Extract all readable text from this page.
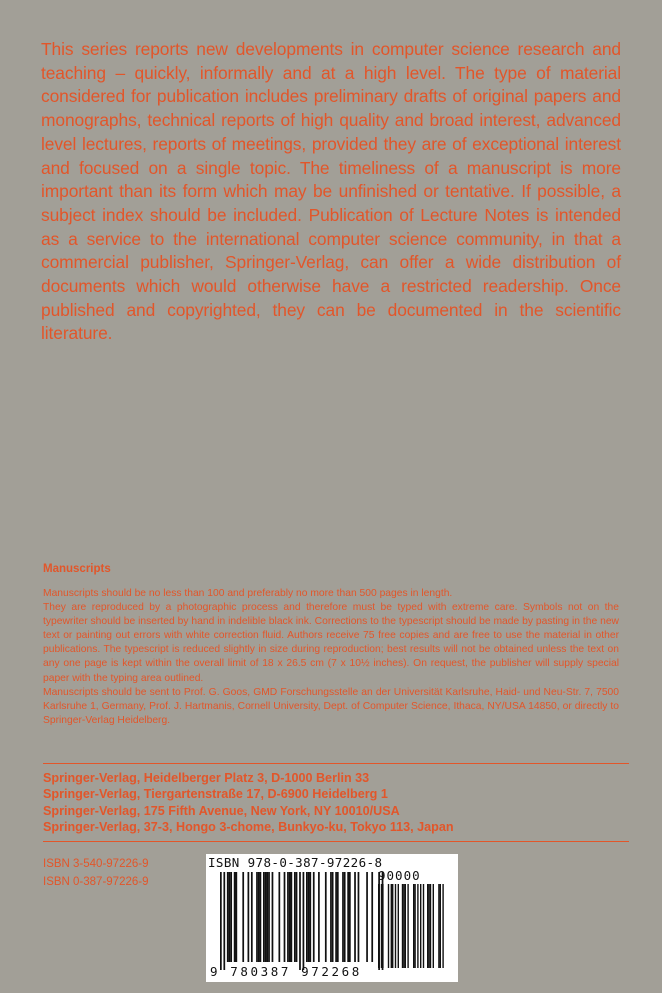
This series reports new developments in computer science research and teaching – quickly, informally and at a high level. The type of material considered for publication includes preliminary drafts of original papers and monographs, technical reports of high quality and broad interest, advanced level lectures, reports of meetings, provided they are of exceptional interest and focused on a single topic. The timeliness of a manuscript is more important than its form which may be unfinished or tentative. If possible, a subject index should be included. Publication of Lecture Notes is intended as a service to the international computer science community, in that a commercial publisher, Springer-Verlag, can offer a wide distribution of documents which would otherwise have a restricted readership. Once published and copyrighted, they can be documented in the scientific literature.

Manuscripts

Manuscripts should be no less than 100 and preferably no more than 500 pages in length.

They are reproduced by a photographic process and therefore must be typed with extreme care. Symbols not on the typewriter should be inserted by hand in indelible black ink. Corrections to the typescript should be made by pasting in the new text or painting out errors with white correction fluid. Authors receive 75 free copies and are free to use the material in other publications. The typescript is reduced slightly in size during reproduction; best results will not be obtained unless the text on any one page is kept within the overall limit of 18 x 26.5 cm (7 x 10½ inches). On request, the publisher will supply special paper with the typing area outlined.

Manuscripts should be sent to Prof. G. Goos, GMD Forschungsstelle an der Universität Karlsruhe, Haid- und Neu-Str. 7, 7500 Karlsruhe 1, Germany, Prof. J. Hartmanis, Cornell University, Dept. of Computer Science, Ithaca, NY/USA 14850, or directly to Springer-Verlag Heidelberg.

Springer-Verlag, Heidelberger Platz 3, D-1000 Berlin 33
Springer-Verlag, Tiergartenstraße 17, D-6900 Heidelberg 1
Springer-Verlag, 175 Fifth Avenue, New York, NY 10010/USA
Springer-Verlag, 37-3, Hongo 3-chome, Bunkyo-ku, Tokyo 113, Japan
ISBN 3-540-97226-9
ISBN 0-387-97226-9
ISBN 978-0-387-97226-8
90000
9 780387 972268
